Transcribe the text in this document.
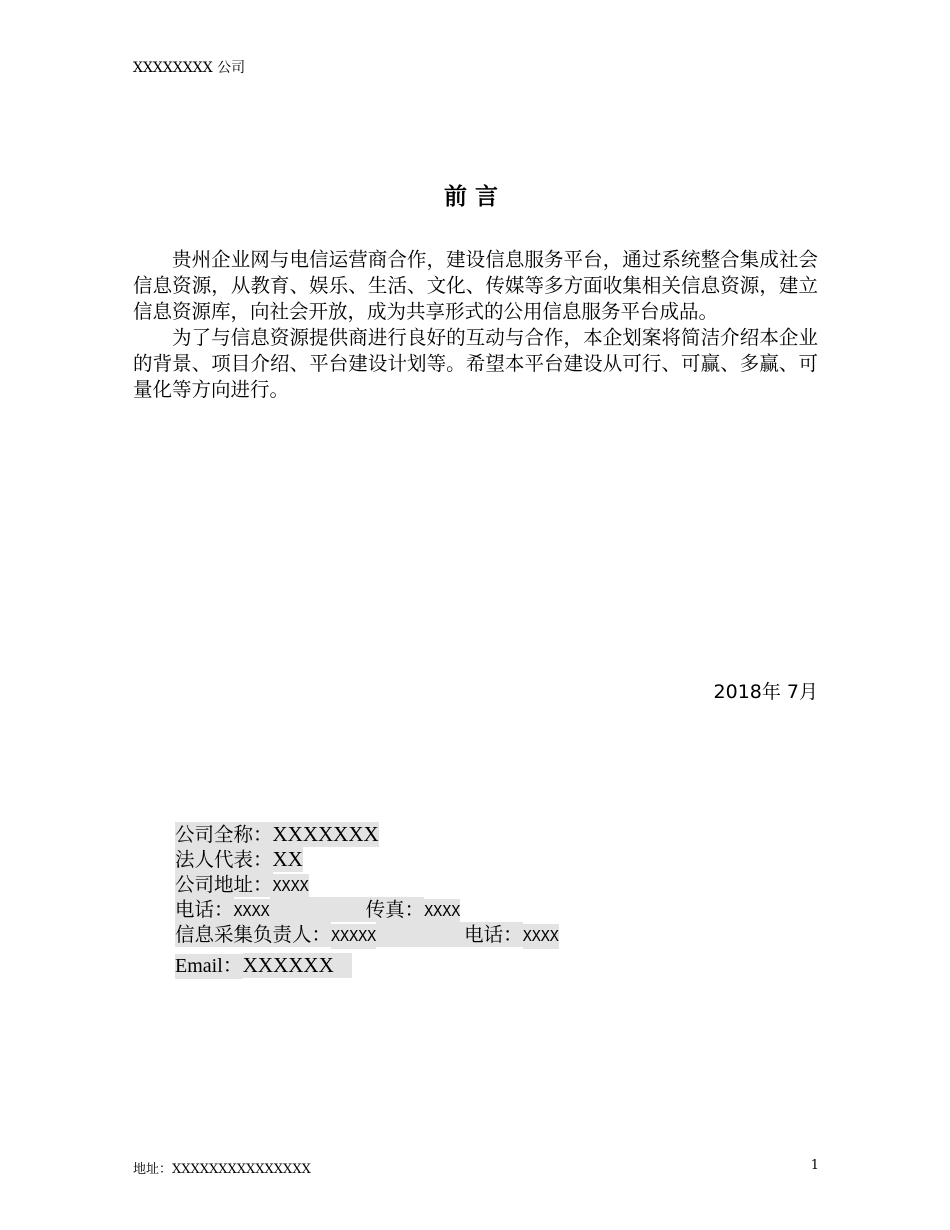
XXXXXXXX 公司
前言

贵州企业网与电信运营商合作，建设信息服务平台，通过系统整合集成社会信息资源，从教育、娱乐、生活、文化、传媒等多方面收集相关信息资源，建立信息资源库，向社会开放，成为共享形式的公用信息服务平台成品。

为了与信息资源提供商进行良好的互动与合作，本企划案将简洁介绍本企业的背景、项目介绍、平台建设计划等。希望本平台建设从可行、可赢、多赢、可量化等方向进行。

2018年 7月
公司全称：XXXXXXX
法人代表：XX
公司地址：XXXX
电话：XXXX	传真：XXXX
信息采集负责人：XXXXX	电话：XXXX
Email：XXXXXX
地址：XXXXXXXXXXXXXXX	1
